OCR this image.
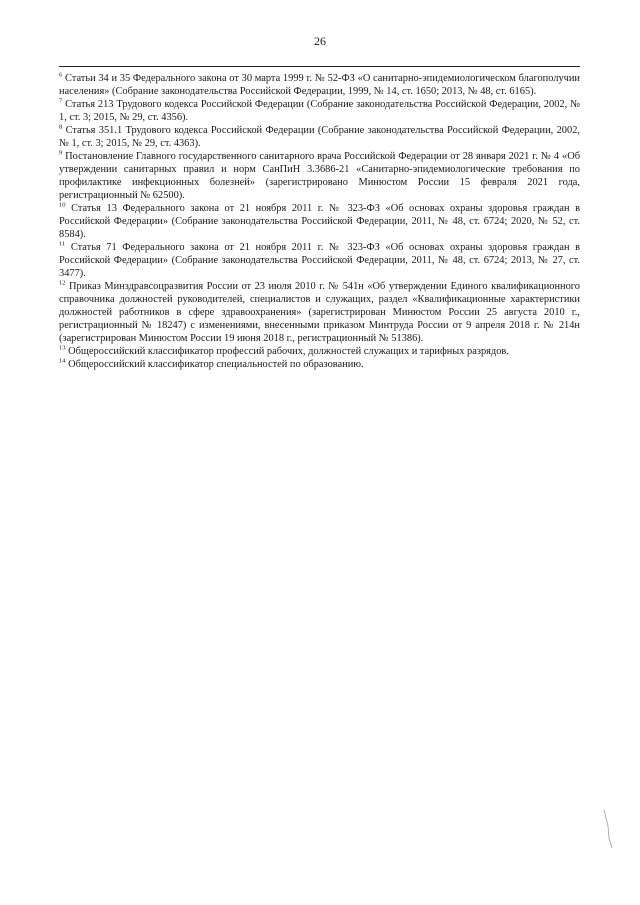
26

$^6$ Статьи 34 и 35 Федерального закона от 30 марта 1999 г. № 52-ФЗ «О санитарно-эпидемиологическом благополучии населения» (Собрание законодательства Российской Федерации, 1999, № 14, ст. 1650; 2013, № 48, ст. 6165).

$^7$ Статья 213 Трудового кодекса Российской Федерации (Собрание законодательства Российской Федерации, 2002, № 1, ст. 3; 2015, № 29, ст. 4356).

$^8$ Статья 351.1 Трудового кодекса Российской Федерации (Собрание законодательства Российской Федерации, 2002, № 1, ст. 3; 2015, № 29, ст. 4363).

$^9$ Постановление Главного государственного санитарного врача Российской Федерации от 28 января 2021 г. № 4 «Об утверждении санитарных правил и норм СанПиН 3.3686-21 «Санитарно-эпидемиологические требования по профилактике инфекционных болезней» (зарегистрировано Минюстом России 15 февраля 2021 года, регистрационный № 62500).

$^{10}$ Статья 13 Федерального закона от 21 ноября 2011 г. № 323-ФЗ «Об основах охраны здоровья граждан в Российской Федерации» (Собрание законодательства Российской Федерации, 2011, № 48, ст. 6724; 2020, № 52, ст. 8584).

$^{11}$ Статья 71 Федерального закона от 21 ноября 2011 г. № 323-ФЗ «Об основах охраны здоровья граждан в Российской Федерации» (Собрание законодательства Российской Федерации, 2011, № 48, ст. 6724; 2013, № 27, ст. 3477).

$^{12}$ Приказ Минздравсоцразвития России от 23 июля 2010 г. № 541н «Об утверждении Единого квалификационного справочника должностей руководителей, специалистов и служащих, раздел «Квалификационные характеристики должностей работников в сфере здравоохранения» (зарегистрирован Минюстом России 25 августа 2010 г., регистрационный № 18247) с изменениями, внесенными приказом Минтруда России от 9 апреля 2018 г. № 214н (зарегистрирован Минюстом России 19 июня 2018 г., регистрационный № 51386).

$^{13}$ Общероссийский классификатор профессий рабочих, должностей служащих и тарифных разрядов.

$^{14}$ Общероссийский классификатор специальностей по образованию.
